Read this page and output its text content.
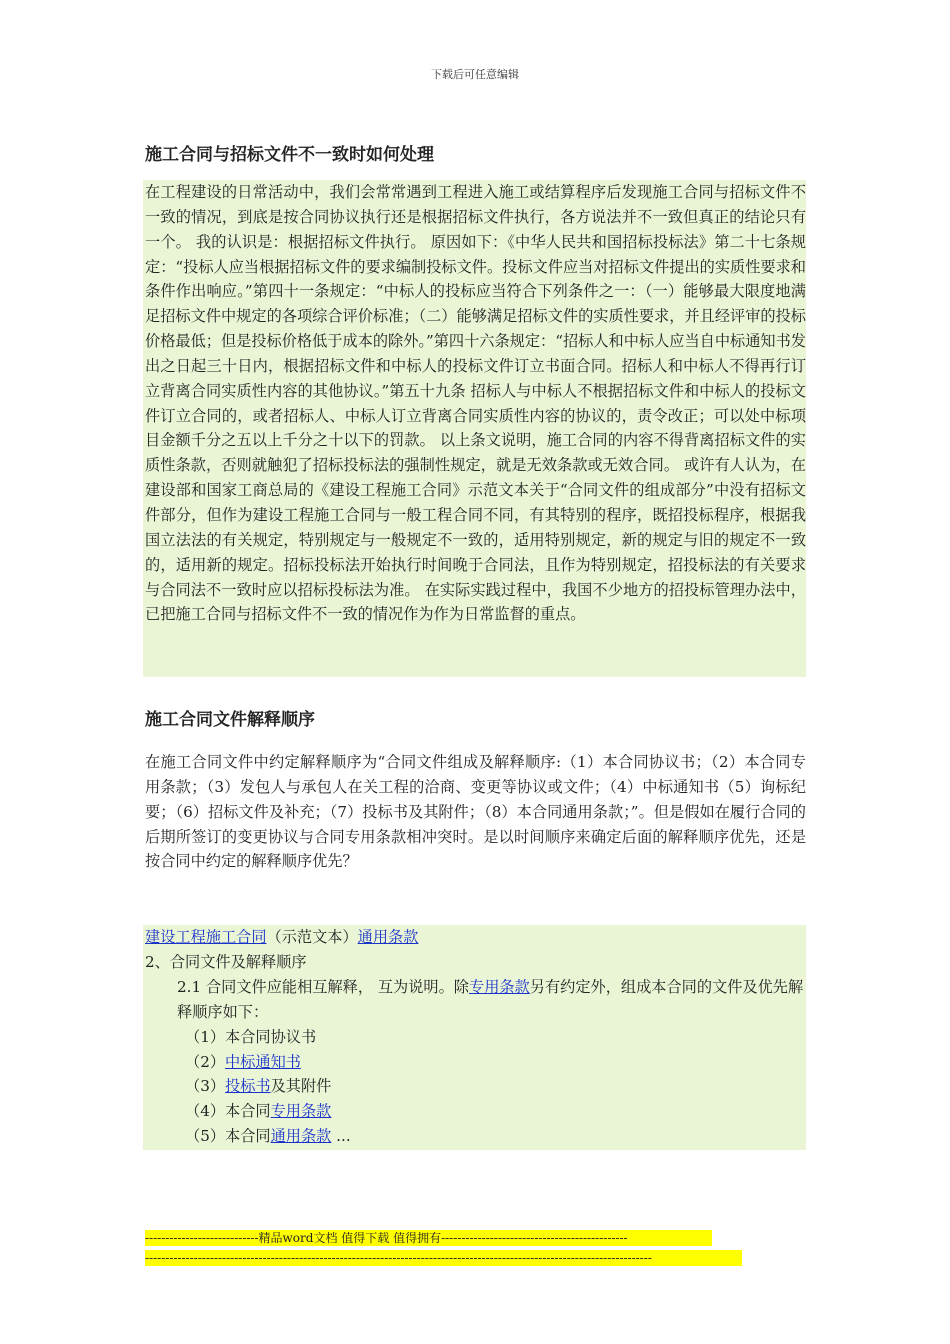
下载后可任意编辑
施工合同与招标文件不一致时如何处理

在工程建设的日常活动中，我们会常常遇到工程进入施工或结算程序后发现施工合同与招标文件不一致的情况，到底是按合同协议执行还是根据招标文件执行，各方说法并不一致但真正的结论只有一个。 我的认识是：根据招标文件执行。 原因如下：《中华人民共和国招标投标法》第二十七条规定：“投标人应当根据招标文件的要求编制投标文件。投标文件应当对招标文件提出的实质性要求和条件作出响应。”第四十一条规定：“中标人的投标应当符合下列条件之一：（一）能够最大限度地满足招标文件中规定的各项综合评价标准；（二）能够满足招标文件的实质性要求，并且经评审的投标价格最低；但是投标价格低于成本的除外。”第四十六条规定：“招标人和中标人应当自中标通知书发出之日起三十日内，根据招标文件和中标人的投标文件订立书面合同。招标人和中标人不得再行订立背离合同实质性内容的其他协议。”第五十九条 招标人与中标人不根据招标文件和中标人的投标文件订立合同的，或者招标人、中标人订立背离合同实质性内容的协议的，责令改正；可以处中标项目金额千分之五以上千分之十以下的罚款。 以上条文说明，施工合同的内容不得背离招标文件的实质性条款，否则就触犯了招标投标法的强制性规定，就是无效条款或无效合同。 或许有人认为，在建设部和国家工商总局的《建设工程施工合同》示范文本关于“合同文件的组成部分”中没有招标文件部分，但作为建设工程施工合同与一般工程合同不同，有其特别的程序，既招投标程序，根据我国立法法的有关规定，特别规定与一般规定不一致的，适用特别规定，新的规定与旧的规定不一致的，适用新的规定。招标投标法开始执行时间晚于合同法，且作为特别规定，招投标法的有关要求与合同法不一致时应以招标投标法为准。 在实际实践过程中，我国不少地方的招投标管理办法中，已把施工合同与招标文件不一致的情况作为作为日常监督的重点。

施工合同文件解释顺序

在施工合同文件中约定解释顺序为“合同文件组成及解释顺序:（1）本合同协议书；（2）本合同专用条款；（3）发包人与承包人在关工程的洽商、变更等协议或文件；（4）中标通知书（5）询标纪要；（6）招标文件及补充；（7）投标书及其附件；（8）本合同通用条款；”。但是假如在履行合同的后期所签订的变更协议与合同专用条款相冲突时。是以时间顺序来确定后面的解释顺序优先，还是按合同中约定的解释顺序优先？

建设工程施工合同（示范文本）通用条款
2、合同文件及解释顺序
2.1 合同文件应能相互解释， 互为说明。除专用条款另有约定外，组成本合同的文件及优先解释顺序如下：
（1）本合同协议书
（2）中标通知书
（3）投标书及其附件
（4）本合同专用条款
（5）本合同通用条款 ...
----------------------------精品word文档 值得下载 值得拥有----------------------------------------------
-----------------------------------------------------------------------------------------------------------------------------
